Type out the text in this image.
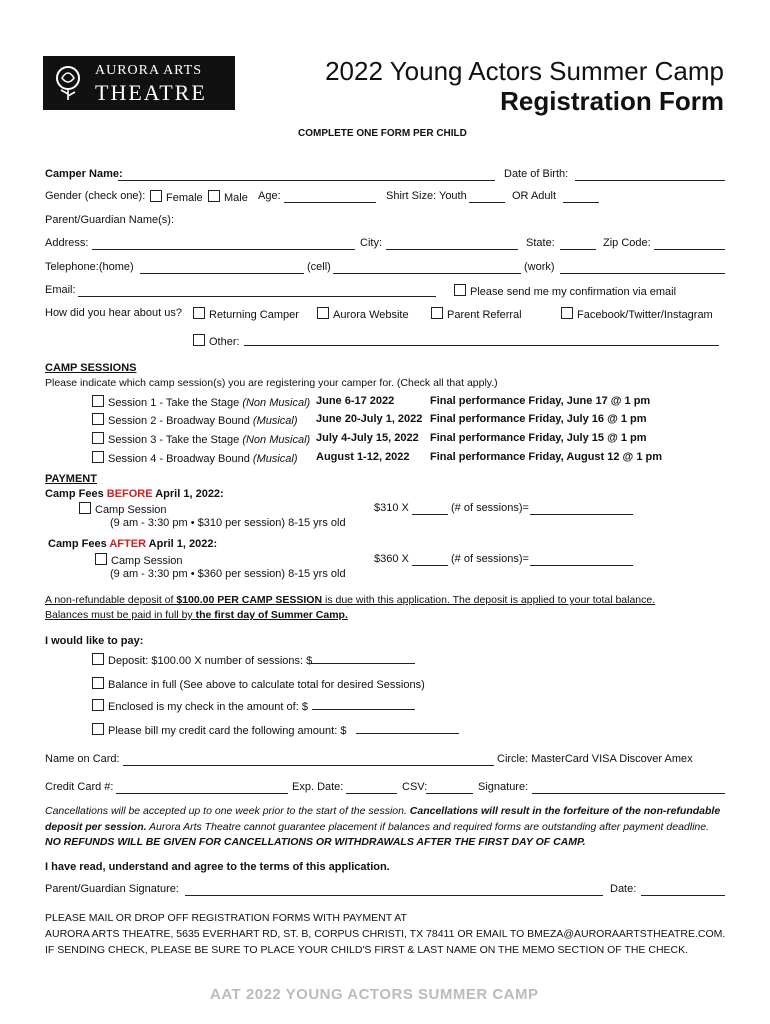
AURORA ARTS
THEATRE
2022 Young Actors Summer Camp
Registration Form
COMPLETE ONE FORM PER CHILD
Camper Name:	Date of Birth:
Gender (check one):	Female	Male Age:	Shirt Size: Youth	OR Adult
Parent/Guardian Name(s):
Address:	City:	State:	Zip Code:
Telephone:(home)	(cell)	(work)
Email:	Please send me my confirmation via email
How did you hear about us?	Returning Camper	Aurora Website	Parent Referral	Facebook/Twitter/Instagram
Other:
CAMP SESSIONS
Please indicate which camp session(s) you are registering your camper for. (Check all that apply.)
Session 1 - Take the Stage (Non Musical) June 6-17 2022	Final performance Friday, June 17 @ 1 pm
Session 2 - Broadway Bound (Musical) June 20-July 1, 2022 Final performance Friday, July 16 @ 1 pm
Session 3 - Take the Stage (Non Musical) July 4-July 15, 2022 Final performance Friday, July 15 @ 1 pm
Session 4 - Broadway Bound (Musical) August 1-12, 2022 Final performance Friday, August 12 @ 1 pm
PAYMENT
Camp Fees BEFORE April 1, 2022:
Camp Session
(9 am - 3:30 pm • $310 per session) 8-15 yrs old
$310 X	(# of sessions)=
Camp Fees AFTER April 1, 2022:
Camp Session
(9 am - 3:30 pm • $360 per session) 8-15 yrs old
$360 X	(# of sessions)=
A non-refundable deposit of $100.00 PER CAMP SESSION is due with this application. The deposit is applied to your total balance.
Balances must be paid in full by the first day of Summer Camp.
I would like to pay:
Deposit: $100.00 X number of sessions: $
Balance in full (See above to calculate total for desired Sessions)
Enclosed is my check in the amount of: $
Please bill my credit card the following amount: $
Name on Card:	Circle: MasterCard VISA Discover Amex
Credit Card #:	Exp. Date:	CSV:	Signature:
Cancellations will be accepted up to one week prior to the start of the session. Cancellations will result in the forfeiture of the non-refundable
deposit per session. Aurora Arts Theatre cannot guarantee placement if balances and required forms are outstanding after payment deadline.
NO REFUNDS WILL BE GIVEN FOR CANCELLATIONS OR WITHDRAWALS AFTER THE FIRST DAY OF CAMP.
I have read, understand and agree to the terms of this application.
Parent/Guardian Signature:	Date:
PLEASE MAIL OR DROP OFF REGISTRATION FORMS WITH PAYMENT AT
AURORA ARTS THEATRE, 5635 EVERHART RD, ST. B, CORPUS CHRISTI, TX 78411 OR EMAIL TO BMEZA@AURORAARTSTHEATRE.COM.
IF SENDING CHECK, PLEASE BE SURE TO PLACE YOUR CHILD'S FIRST & LAST NAME ON THE MEMO SECTION OF THE CHECK.
AAT 2022 YOUNG ACTORS SUMMER CAMP
